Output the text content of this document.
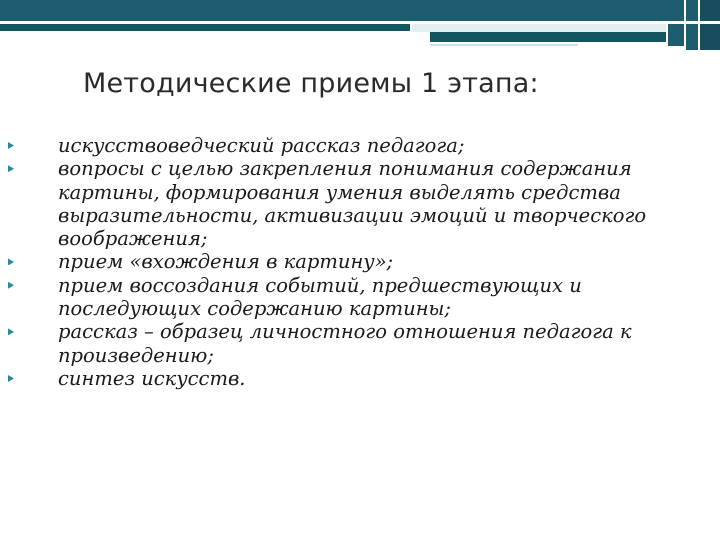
Методические приемы 1 этапа:
искусствоведческий рассказ педагога;
вопросы с целью закрепления понимания содержания картины, формирования умения выделять средства выразительности, активизации эмоций и творческого воображения;
прием «вхождения в картину»;
прием воссоздания событий, предшествующих и последующих содержанию картины;
рассказ – образец личностного отношения педагога к произведению;
синтез искусств.
